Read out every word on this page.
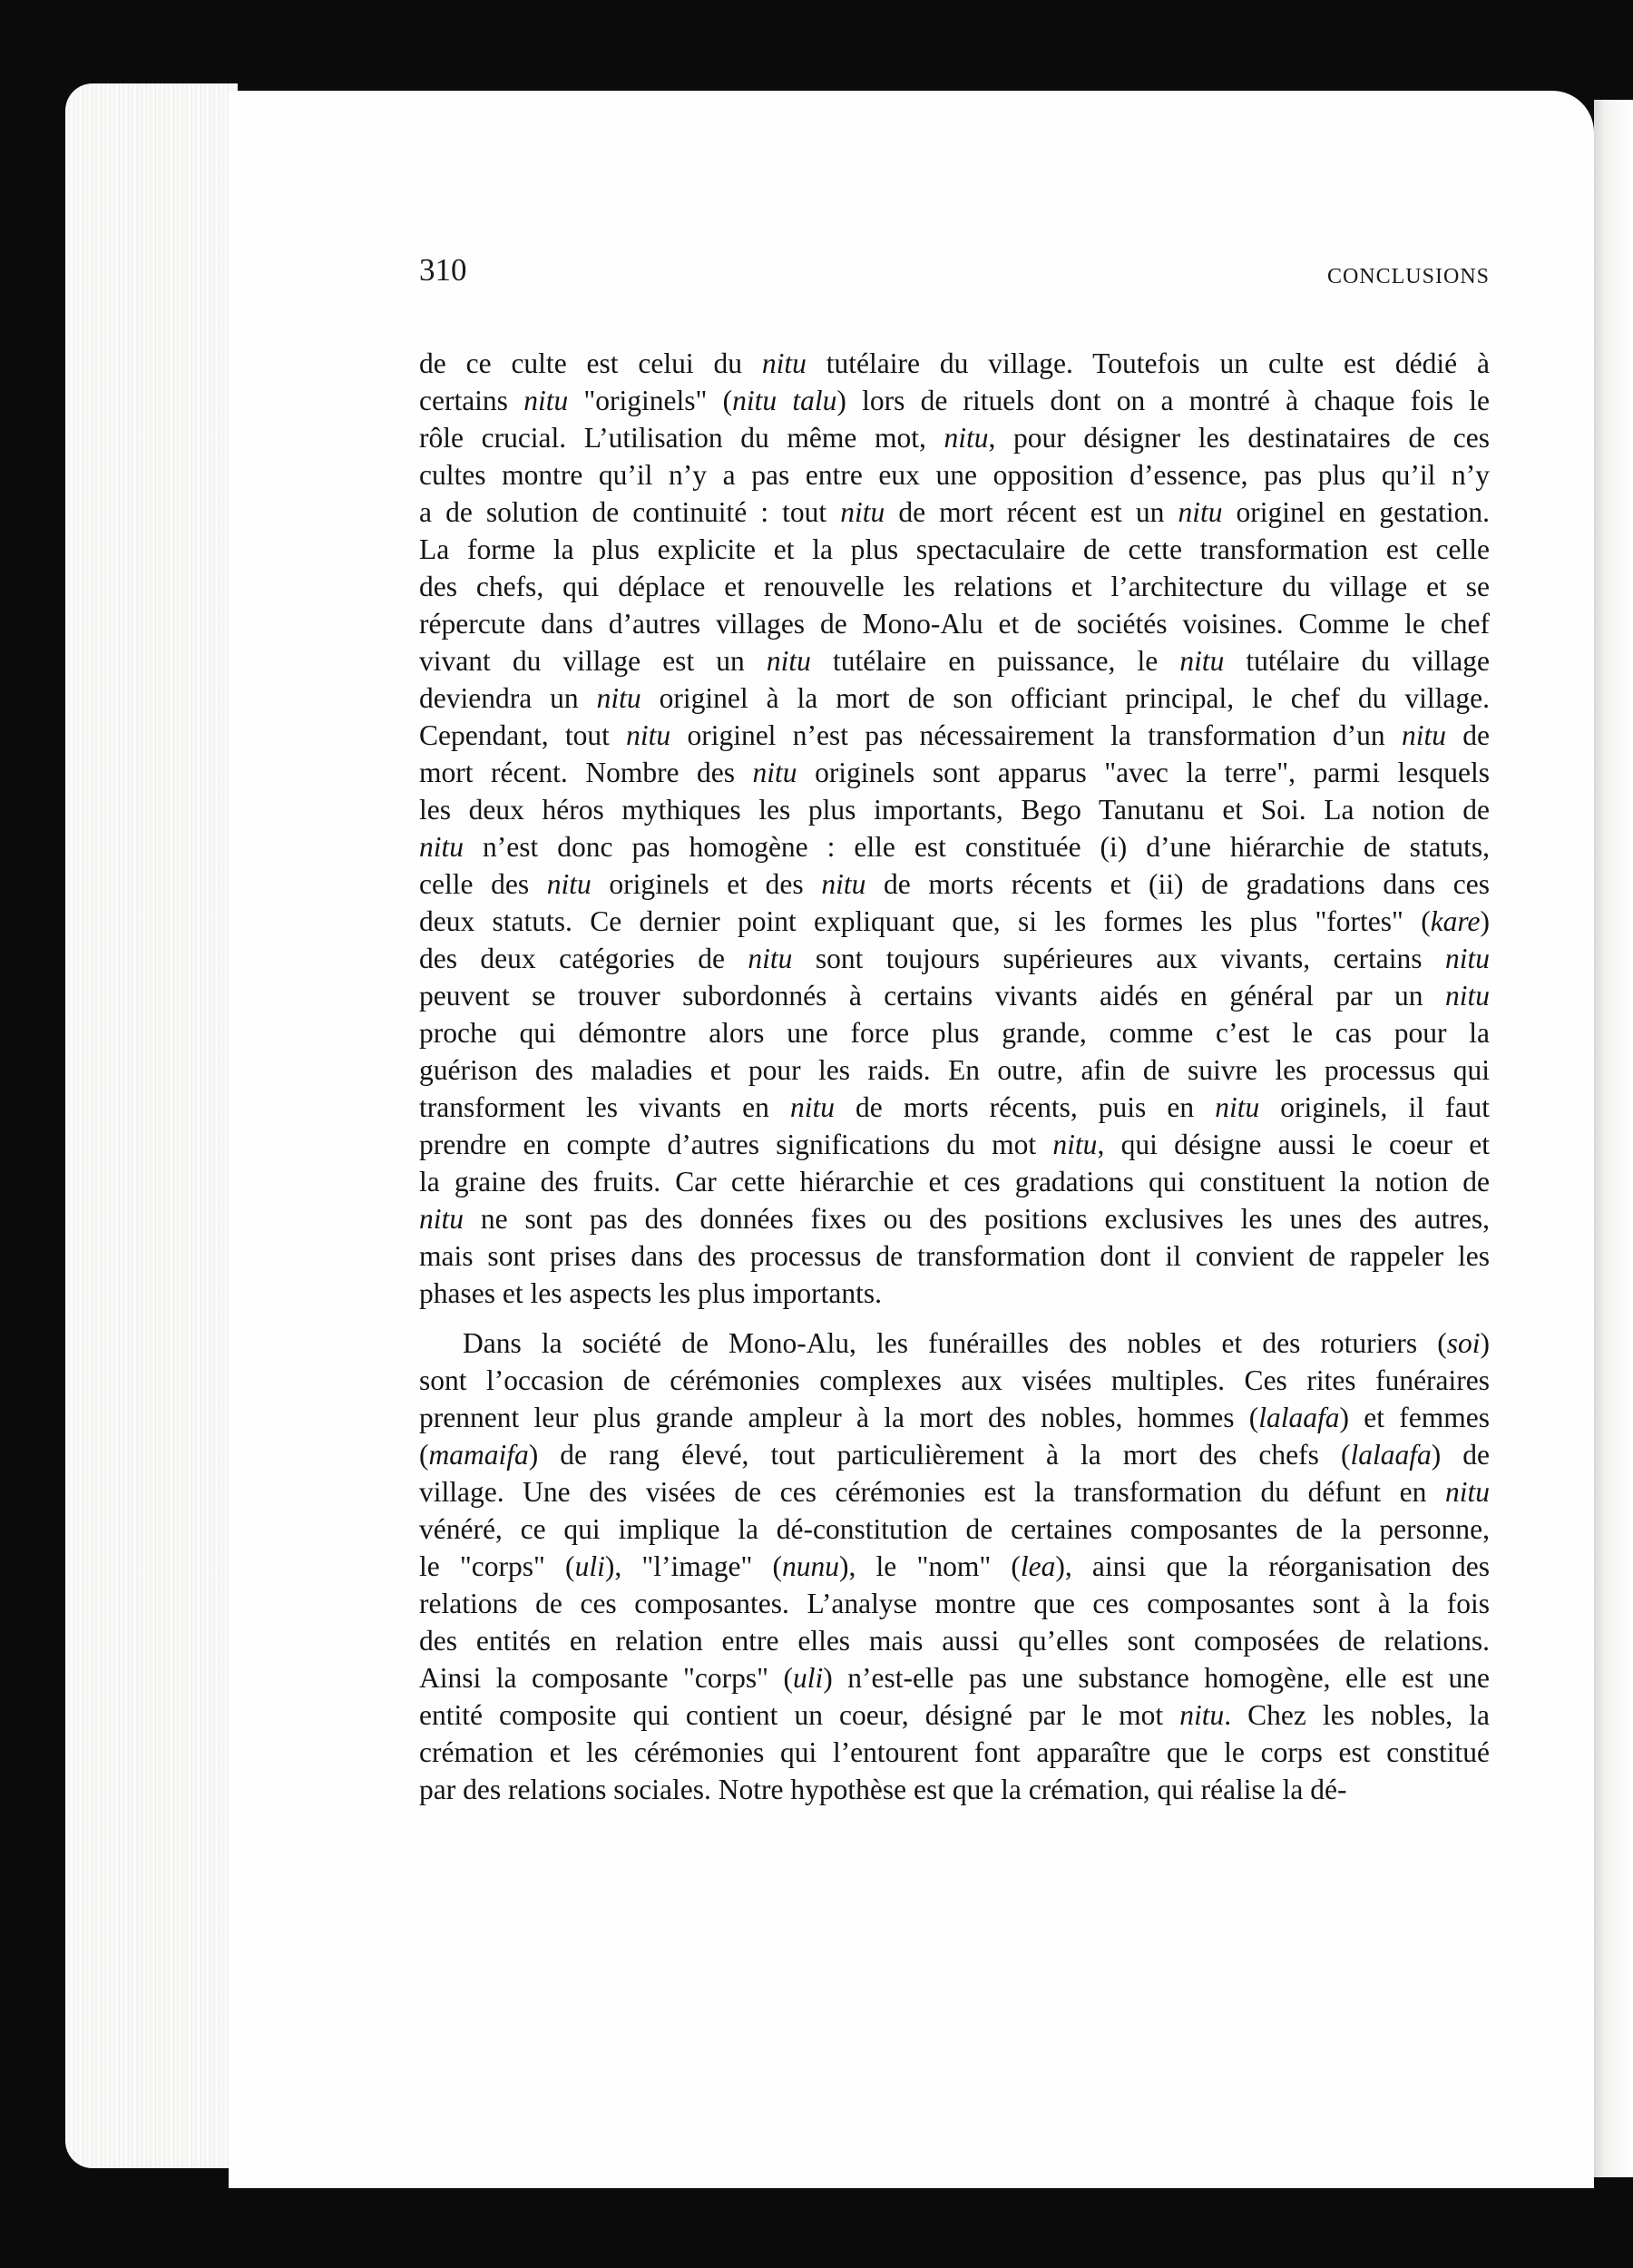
310	CONCLUSIONS
de ce culte est celui du nitu tutélaire du village. Toutefois un culte est dédié à
certains nitu "originels" (nitu talu) lors de rituels dont on a montré à chaque fois le
rôle crucial. L’utilisation du même mot, nitu, pour désigner les destinataires de ces
cultes montre qu’il n’y a pas entre eux une opposition d’essence, pas plus qu’il n’y
a de solution de continuité : tout nitu de mort récent est un nitu originel en gestation.
La forme la plus explicite et la plus spectaculaire de cette transformation est celle
des chefs, qui déplace et renouvelle les relations et l’architecture du village et se
répercute dans d’autres villages de Mono-Alu et de sociétés voisines. Comme le chef
vivant du village est un nitu tutélaire en puissance, le nitu tutélaire du village
deviendra un nitu originel à la mort de son officiant principal, le chef du village.
Cependant, tout nitu originel n’est pas nécessairement la transformation d’un nitu de
mort récent. Nombre des nitu originels sont apparus "avec la terre", parmi lesquels
les deux héros mythiques les plus importants, Bego Tanutanu et Soi. La notion de
nitu n’est donc pas homogène : elle est constituée (i) d’une hiérarchie de statuts,
celle des nitu originels et des nitu de morts récents et (ii) de gradations dans ces
deux statuts. Ce dernier point expliquant que, si les formes les plus "fortes" (kare)
des deux catégories de nitu sont toujours supérieures aux vivants, certains nitu
peuvent se trouver subordonnés à certains vivants aidés en général par un nitu
proche qui démontre alors une force plus grande, comme c’est le cas pour la
guérison des maladies et pour les raids. En outre, afin de suivre les processus qui
transforment les vivants en nitu de morts récents, puis en nitu originels, il faut
prendre en compte d’autres significations du mot nitu, qui désigne aussi le coeur et
la graine des fruits. Car cette hiérarchie et ces gradations qui constituent la notion de
nitu ne sont pas des données fixes ou des positions exclusives les unes des autres,
mais sont prises dans des processus de transformation dont il convient de rappeler les
phases et les aspects les plus importants.
Dans la société de Mono-Alu, les funérailles des nobles et des roturiers (soi)
sont l’occasion de cérémonies complexes aux visées multiples. Ces rites funéraires
prennent leur plus grande ampleur à la mort des nobles, hommes (lalaafa) et femmes
(mamaifa) de rang élevé, tout particulièrement à la mort des chefs (lalaafa) de
village. Une des visées de ces cérémonies est la transformation du défunt en nitu
vénéré, ce qui implique la dé-constitution de certaines composantes de la personne,
le "corps" (uli), "l’image" (nunu), le "nom" (lea), ainsi que la réorganisation des
relations de ces composantes. L’analyse montre que ces composantes sont à la fois
des entités en relation entre elles mais aussi qu’elles sont composées de relations.
Ainsi la composante "corps" (uli) n’est-elle pas une substance homogène, elle est une
entité composite qui contient un coeur, désigné par le mot nitu. Chez les nobles, la
crémation et les cérémonies qui l’entourent font apparaître que le corps est constitué
par des relations sociales. Notre hypothèse est que la crémation, qui réalise la dé-
